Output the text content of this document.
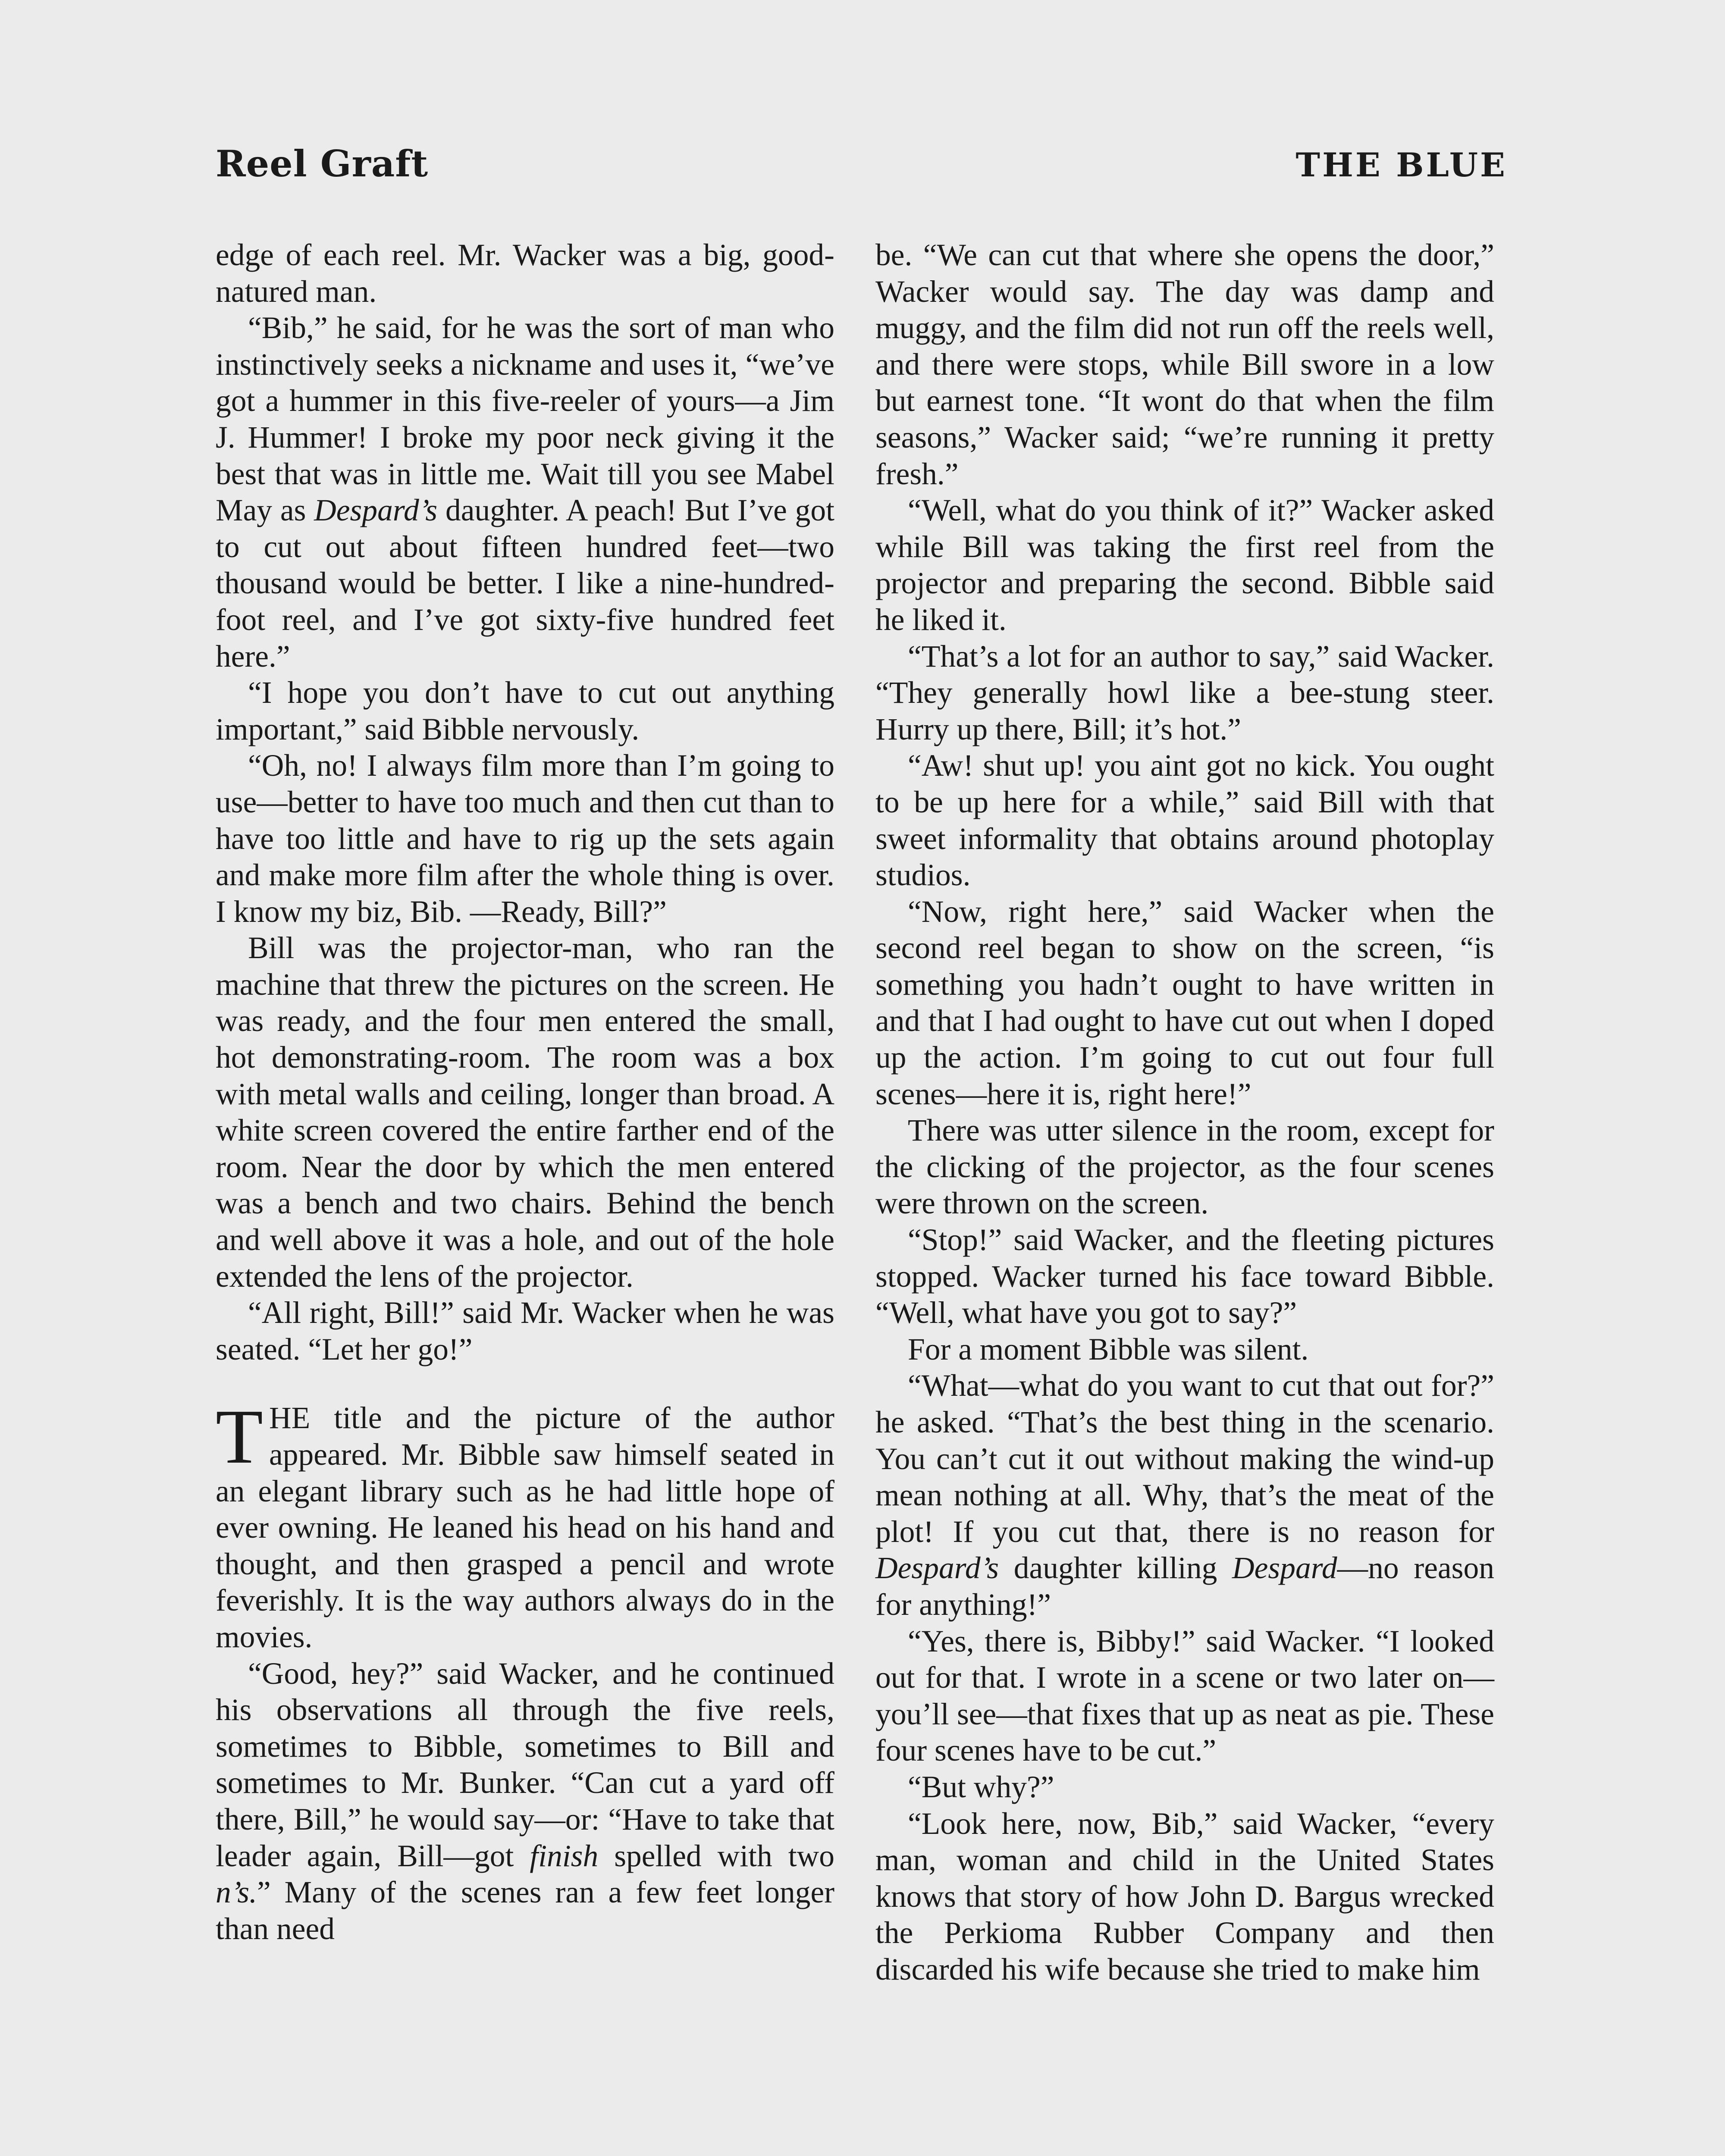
Reel Graft	THE BLUE

edge of each reel. Mr. Wacker was a big, good-natured man.

“Bib,” he said, for he was the sort of man who instinctively seeks a nickname and uses it, “we’ve got a hummer in this five-reeler of yours—a Jim J. Hummer! I broke my poor neck giving it the best that was in little me. Wait till you see Mabel May as Despard’s daughter. A peach! But I’ve got to cut out about fifteen hundred feet—two thousand would be better. I like a nine-hundred-foot reel, and I’ve got sixty-five hundred feet here.”

“I hope you don’t have to cut out anything important,” said Bibble nervously.

“Oh, no! I always film more than I’m going to use—better to have too much and then cut than to have too little and have to rig up the sets again and make more film after the whole thing is over. I know my biz, Bib. —Ready, Bill?”

Bill was the projector-man, who ran the machine that threw the pictures on the screen. He was ready, and the four men entered the small, hot demonstrating-room. The room was a box with metal walls and ceiling, longer than broad. A white screen covered the entire farther end of the room. Near the door by which the men entered was a bench and two chairs. Behind the bench and well above it was a hole, and out of the hole extended the lens of the projector.

“All right, Bill!” said Mr. Wacker when he was seated. “Let her go!”

THE title and the picture of the author appeared. Mr. Bibble saw himself seated in an elegant library such as he had little hope of ever owning. He leaned his head on his hand and thought, and then grasped a pencil and wrote feverishly. It is the way authors always do in the movies.

“Good, hey?” said Wacker, and he continued his observations all through the five reels, sometimes to Bibble, sometimes to Bill and sometimes to Mr. Bunker. “Can cut a yard off there, Bill,” he would say—or: “Have to take that leader again, Bill—got finish spelled with two n’s.” Many of the scenes ran a few feet longer than need

be. “We can cut that where she opens the door,” Wacker would say. The day was damp and muggy, and the film did not run off the reels well, and there were stops, while Bill swore in a low but earnest tone. “It wont do that when the film seasons,” Wacker said; “we’re running it pretty fresh.”

“Well, what do you think of it?” Wacker asked while Bill was taking the first reel from the projector and preparing the second. Bibble said he liked it.

“That’s a lot for an author to say,” said Wacker. “They generally howl like a bee-stung steer. Hurry up there, Bill; it’s hot.”

“Aw! shut up! you aint got no kick. You ought to be up here for a while,” said Bill with that sweet informality that obtains around photoplay studios.

“Now, right here,” said Wacker when the second reel began to show on the screen, “is something you hadn’t ought to have written in and that I had ought to have cut out when I doped up the action. I’m going to cut out four full scenes—here it is, right here!”

There was utter silence in the room, except for the clicking of the projector, as the four scenes were thrown on the screen.

“Stop!” said Wacker, and the fleeting pictures stopped. Wacker turned his face toward Bibble. “Well, what have you got to say?”

For a moment Bibble was silent.

“What—what do you want to cut that out for?” he asked. “That’s the best thing in the scenario. You can’t cut it out without making the wind-up mean nothing at all. Why, that’s the meat of the plot! If you cut that, there is no reason for Despard’s daughter killing Despard—no reason for anything!”

“Yes, there is, Bibby!” said Wacker. “I looked out for that. I wrote in a scene or two later on—you’ll see—that fixes that up as neat as pie. These four scenes have to be cut.”

“But why?”

“Look here, now, Bib,” said Wacker, “every man, woman and child in the United States knows that story of how John D. Bargus wrecked the Perkioma Rubber Company and then discarded his wife because she tried to make him
